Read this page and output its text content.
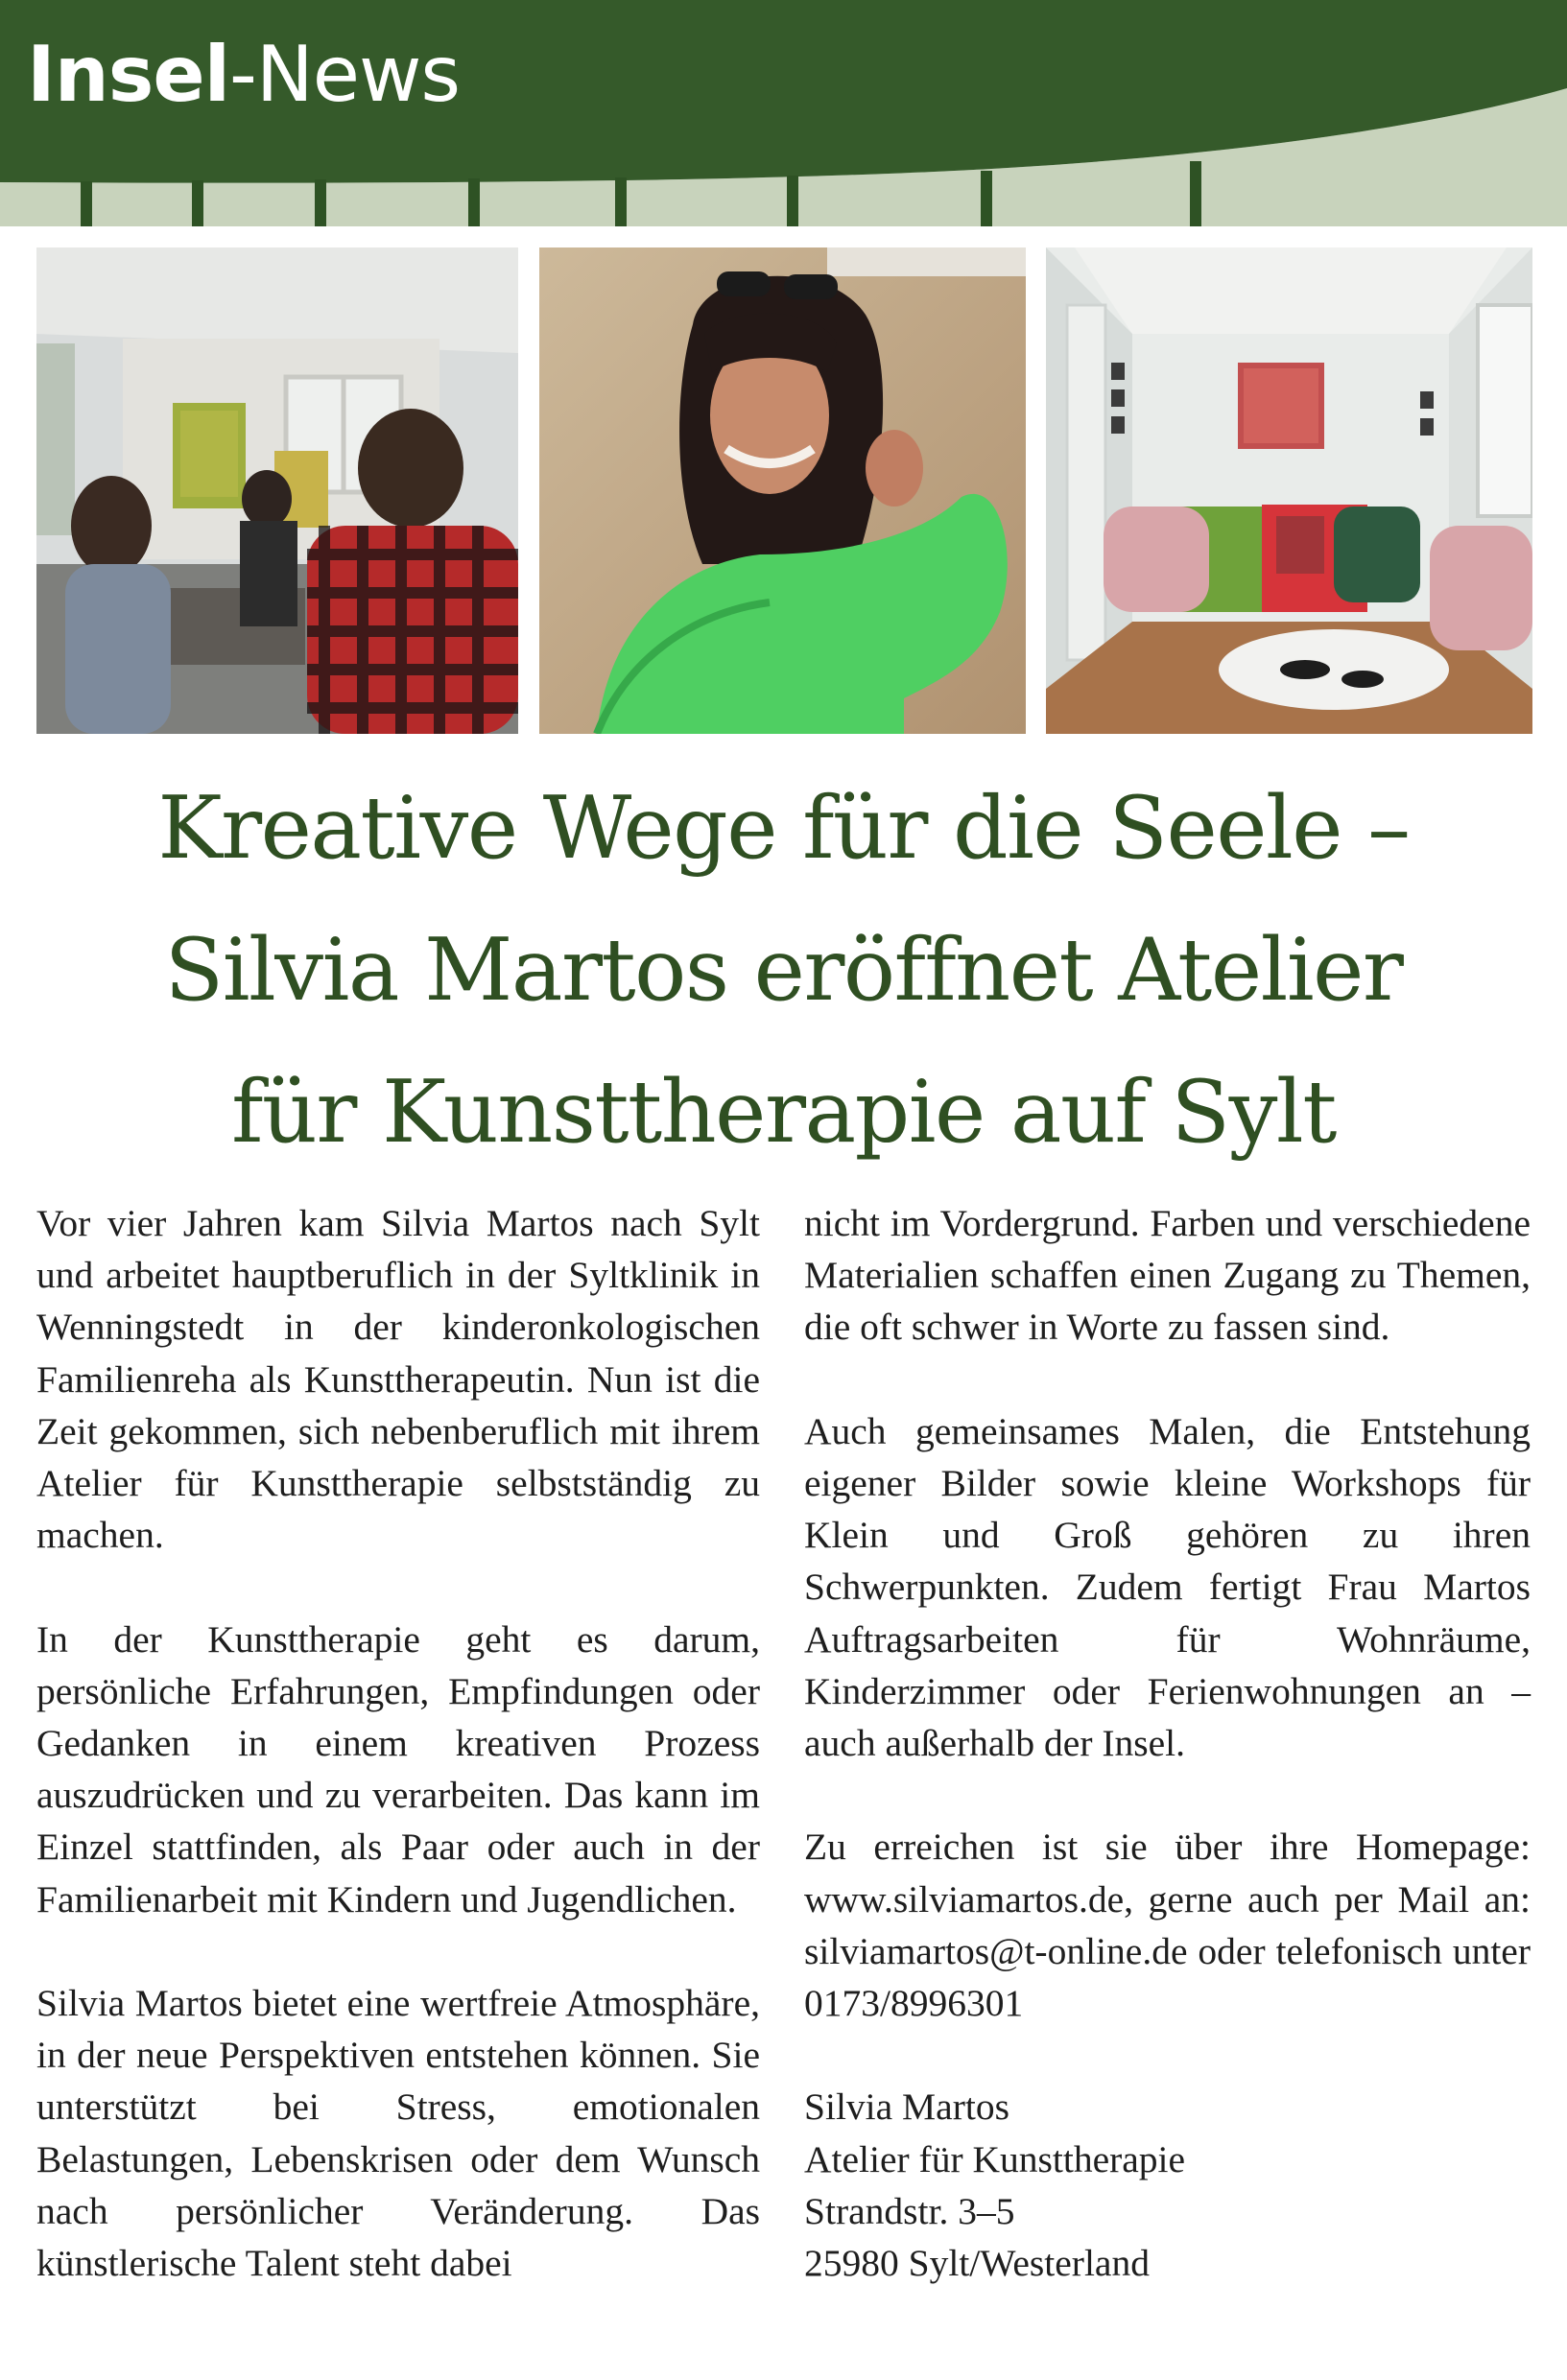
Insel-News
Kreative Wege für die Seele –
Silvia Martos eröffnet Atelier
für Kunsttherapie auf Sylt

Vor vier Jahren kam Silvia Martos nach Sylt und arbeitet hauptberuflich in der Syltklinik in Wenningstedt in der kinderonkologischen Familienreha als Kunsttherapeutin. Nun ist die Zeit gekommen, sich nebenberuflich mit ihrem Atelier für Kunsttherapie selbstständig zu machen.

In der Kunsttherapie geht es darum, persönliche Erfahrungen, Empfindungen oder Gedanken in einem kreativen Prozess auszudrücken und zu verarbeiten. Das kann im Einzel stattfinden, als Paar oder auch in der Familienarbeit mit Kindern und Jugendlichen.

Silvia Martos bietet eine wertfreie Atmosphäre, in der neue Perspektiven entstehen können. Sie unterstützt bei Stress, emotionalen Belastungen, Lebenskrisen oder dem Wunsch nach persönlicher Veränderung. Das künstlerische Talent steht dabei

nicht im Vordergrund. Farben und verschiedene Materialien schaffen einen Zugang zu Themen, die oft schwer in Worte zu fassen sind.

Auch gemeinsames Malen, die Entstehung eigener Bilder sowie kleine Workshops für Klein und Groß gehören zu ihren Schwerpunkten. Zudem fertigt Frau Martos Auftragsarbeiten für Wohnräume, Kinderzimmer oder Ferienwohnungen an – auch außerhalb der Insel.

Zu erreichen ist sie über ihre Homepage: www.silviamartos.de, gerne auch per Mail an: silviamartos@t-online.de oder telefonisch unter 0173/8996301

Silvia Martos
Atelier für Kunsttherapie
Strandstr. 3–5
25980 Sylt/Westerland
